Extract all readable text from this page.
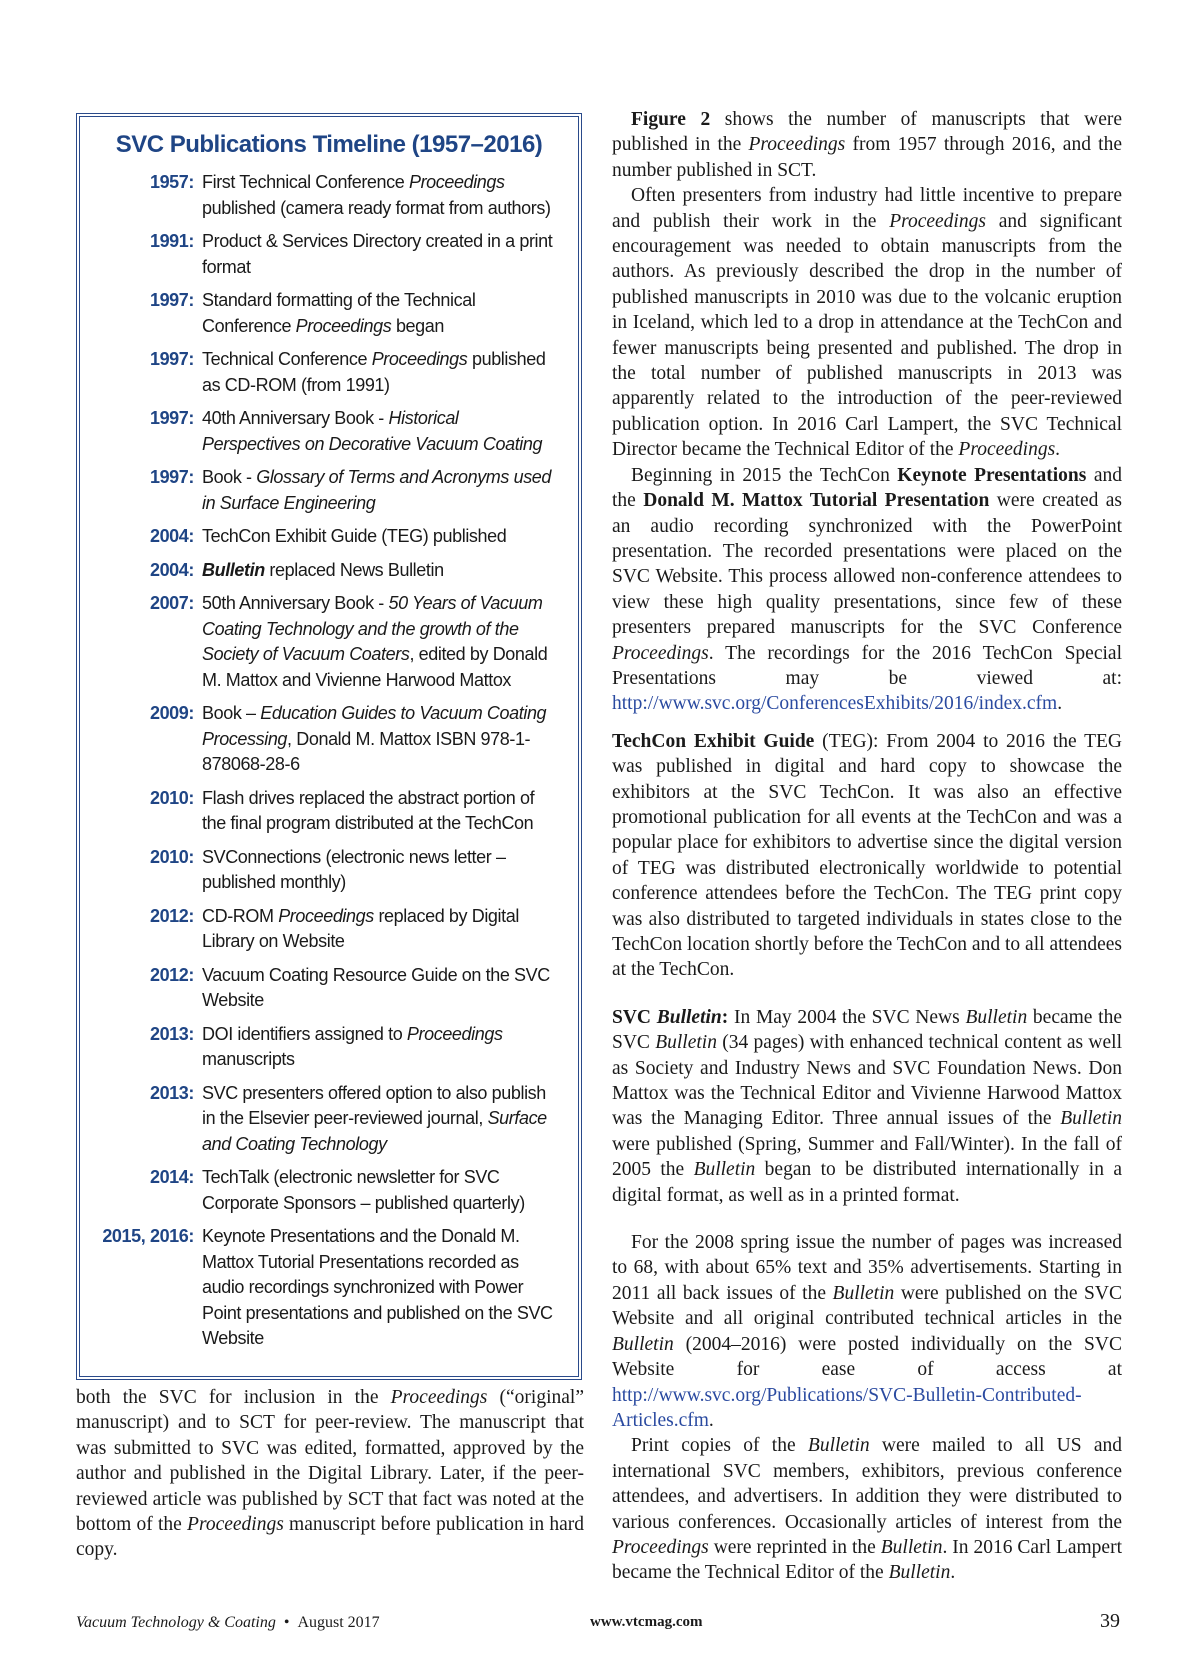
SVC Publications Timeline (1957–2016)
1957: First Technical Conference Proceedings published (camera ready format from authors)
1991: Product & Services Directory created in a print format
1997: Standard formatting of the Technical Conference Proceedings began
1997: Technical Conference Proceedings published as CD-ROM (from 1991)
1997: 40th Anniversary Book - Historical Perspectives on Decorative Vacuum Coating
1997: Book - Glossary of Terms and Acronyms used in Surface Engineering
2004: TechCon Exhibit Guide (TEG) published
2004: Bulletin replaced News Bulletin
2007: 50th Anniversary Book - 50 Years of Vacuum Coating Technology and the growth of the Society of Vacuum Coaters, edited by Donald M. Mattox and Vivienne Harwood Mattox
2009: Book – Education Guides to Vacuum Coating Processing, Donald M. Mattox ISBN 978-1-878068-28-6
2010: Flash drives replaced the abstract portion of the final program distributed at the TechCon
2010: SVConnections (electronic news letter – published monthly)
2012: CD-ROM Proceedings replaced by Digital Library on Website
2012: Vacuum Coating Resource Guide on the SVC Website
2013: DOI identifiers assigned to Proceedings manuscripts
2013: SVC presenters offered option to also publish in the Elsevier peer-reviewed journal, Surface and Coating Technology
2014: TechTalk (electronic newsletter for SVC Corporate Sponsors – published quarterly)
2015, 2016: Keynote Presentations and the Donald M. Mattox Tutorial Presentations recorded as audio recordings synchronized with Power Point presentations and published on the SVC Website
both the SVC for inclusion in the Proceedings (“original” manuscript) and to SCT for peer-review. The manuscript that was submitted to SVC was edited, formatted, approved by the author and published in the Digital Library. Later, if the peer-reviewed article was published by SCT that fact was noted at the bottom of the Proceedings manuscript before publication in hard copy.

Figure 2 shows the number of manuscripts that were published in the Proceedings from 1957 through 2016, and the number published in SCT.

Often presenters from industry had little incentive to prepare and publish their work in the Proceedings and significant encouragement was needed to obtain manuscripts from the authors. As previously described the drop in the number of published manuscripts in 2010 was due to the volcanic eruption in Iceland, which led to a drop in attendance at the TechCon and fewer manuscripts being presented and published. The drop in the total number of published manuscripts in 2013 was apparently related to the introduction of the peer-reviewed publication option. In 2016 Carl Lampert, the SVC Technical Director became the Technical Editor of the Proceedings.

Beginning in 2015 the TechCon Keynote Presentations and the Donald M. Mattox Tutorial Presentation were created as an audio recording synchronized with the PowerPoint presentation. The recorded presentations were placed on the SVC Website. This process allowed non-conference attendees to view these high quality presentations, since few of these presenters prepared manuscripts for the SVC Conference Proceedings. The recordings for the 2016 TechCon Special Presentations may be viewed at: http://www.svc.org/ConferencesExhibits/2016/index.cfm.

TechCon Exhibit Guide (TEG): From 2004 to 2016 the TEG was published in digital and hard copy to showcase the exhibitors at the SVC TechCon. It was also an effective promotional publication for all events at the TechCon and was a popular place for exhibitors to advertise since the digital version of TEG was distributed electronically worldwide to potential conference attendees before the TechCon. The TEG print copy was also distributed to targeted individuals in states close to the TechCon location shortly before the TechCon and to all attendees at the TechCon.

SVC Bulletin: In May 2004 the SVC News Bulletin became the SVC Bulletin (34 pages) with enhanced technical content as well as Society and Industry News and SVC Foundation News. Don Mattox was the Technical Editor and Vivienne Harwood Mattox was the Managing Editor. Three annual issues of the Bulletin were published (Spring, Summer and Fall/Winter). In the fall of 2005 the Bulletin began to be distributed internationally in a digital format, as well as in a printed format.

For the 2008 spring issue the number of pages was increased to 68, with about 65% text and 35% advertisements. Starting in 2011 all back issues of the Bulletin were published on the SVC Website and all original contributed technical articles in the Bulletin (2004–2016) were posted individually on the SVC Website for ease of access at http://www.svc.org/Publications/SVC-Bulletin-Contributed-Articles.cfm.

Print copies of the Bulletin were mailed to all US and international SVC members, exhibitors, previous conference attendees, and advertisers. In addition they were distributed to various conferences. Occasionally articles of interest from the Proceedings were reprinted in the Bulletin. In 2016 Carl Lampert became the Technical Editor of the Bulletin.

Vacuum Technology & Coating • August 2017	www.vtcmag.com	39
